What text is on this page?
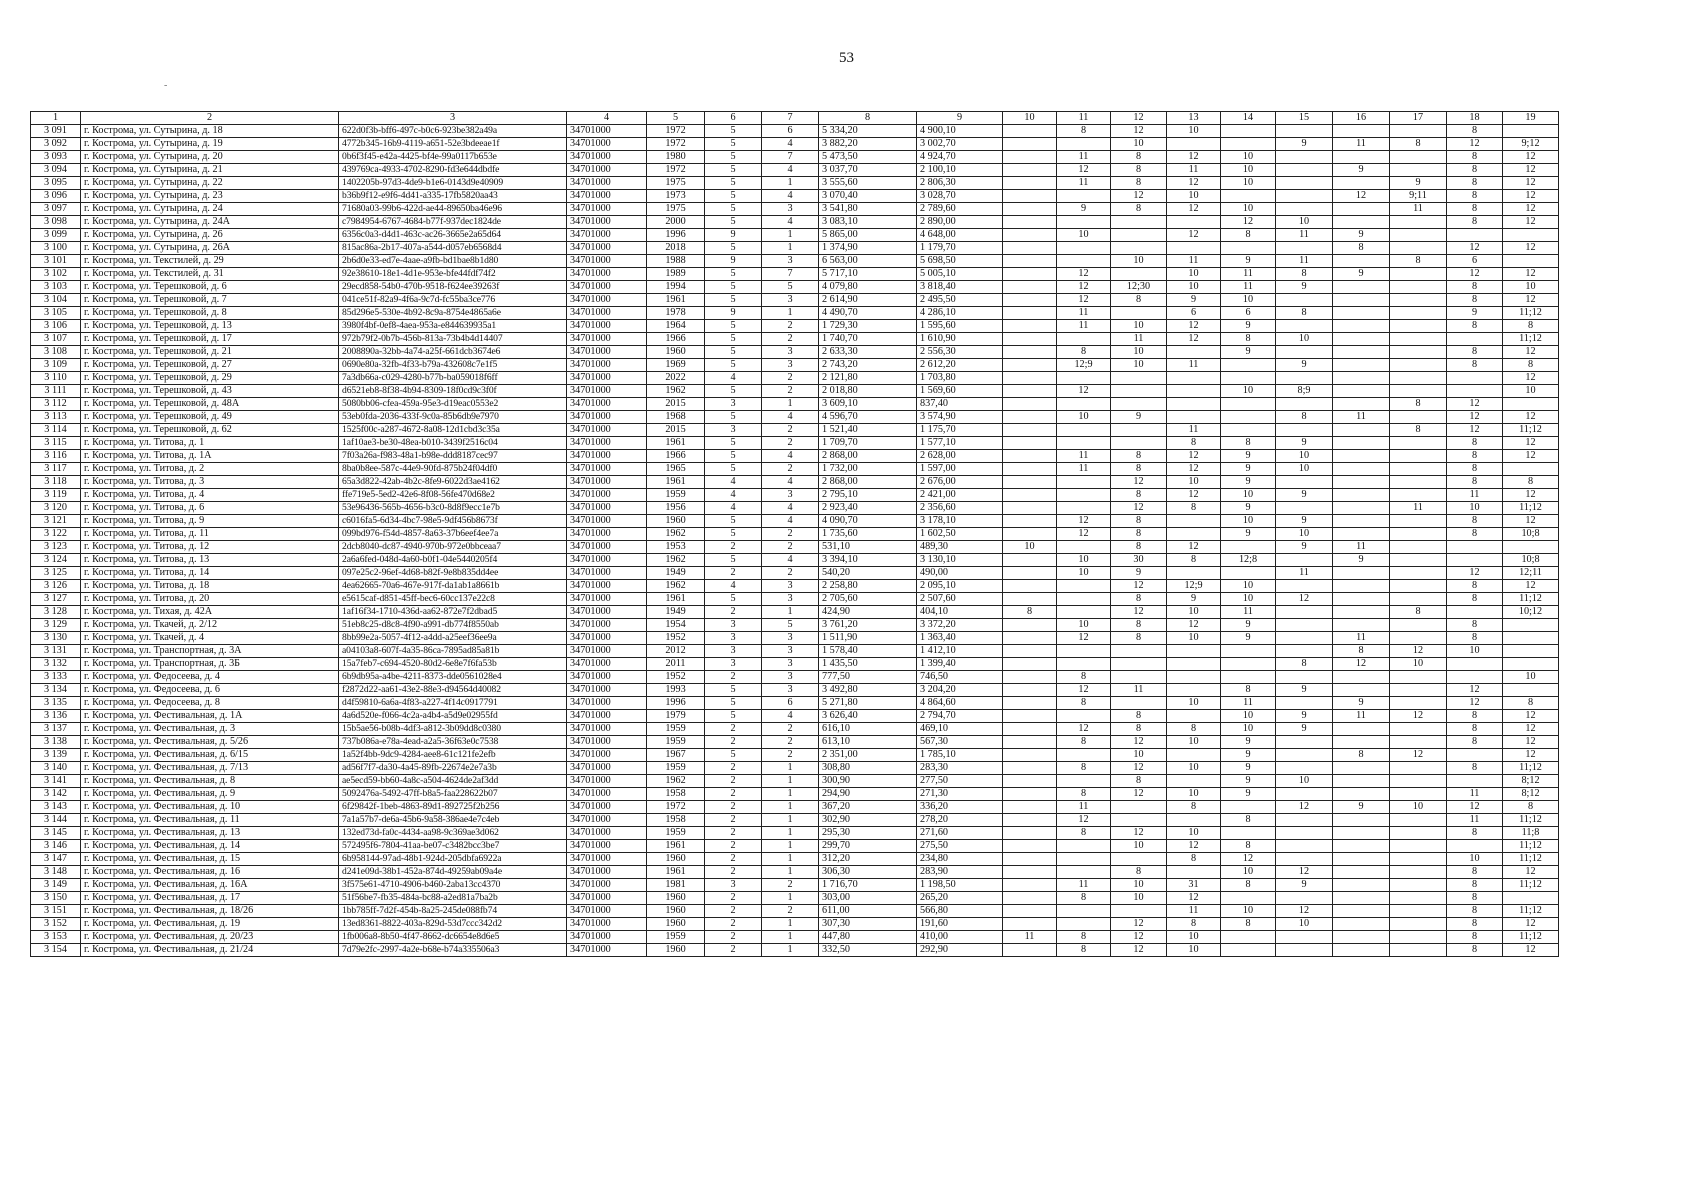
53
-
1	2	3	4	5	6	7	8	9	10	11	12	13	14	15	16	17	18	19
3 091	г. Кострома, ул. Сутырина, д. 18	622d0f3b-bff6-497c-b0c6-923be382a49a	34701000	1972	5	6	5 334,20	4 900,10		8	12	10					8	
3 092	г. Кострома, ул. Сутырина, д. 19	4772b345-16b9-4119-a651-52e3bdeeae1f	34701000	1972	5	4	3 882,20	3 002,70			10			9	11	8	12	9;12
3 093	г. Кострома, ул. Сутырина, д. 20	0b6f3f45-e42a-4425-bf4e-99a0117b653e	34701000	1980	5	7	5 473,50	4 924,70		11	8	12	10				8	12
3 094	г. Кострома, ул. Сутырина, д. 21	439769ca-4933-4702-8290-fd3e644dbdfe	34701000	1972	5	4	3 037,70	2 100,10		12	8	11	10		9		8	12
3 095	г. Кострома, ул. Сутырина, д. 22	1402205b-97d3-4de9-b1e6-0143d9e40909	34701000	1975	5	1	3 555,60	2 806,30		11	8	12	10			9	8	12
3 096	г. Кострома, ул. Сутырина, д. 23	b36b9f12-e9f6-4d41-a335-17fb5820aa43	34701000	1973	5	4	3 070,40	3 028,70			12	10			12	9;11	8	12
3 097	г. Кострома, ул. Сутырина, д. 24	71680a03-99b6-422d-ae44-89650ba46e96	34701000	1975	5	3	3 541,80	2 789,60		9	8	12	10			11	8	12
3 098	г. Кострома, ул. Сутырина, д. 24А	c7984954-6767-4684-b77f-937dec1824de	34701000	2000	5	4	3 083,10	2 890,00					12	10			8	12
3 099	г. Кострома, ул. Сутырина, д. 26	6356c0a3-d4d1-463c-ac26-3665e2a65d64	34701000	1996	9	1	5 865,00	4 648,00		10		12	8	11	9			
3 100	г. Кострома, ул. Сутырина, д. 26А	815ac86a-2b17-407a-a544-d057eb6568d4	34701000	2018	5	1	1 374,90	1 179,70							8		12	12
3 101	г. Кострома, ул. Текстилей, д. 29	2b6d0e33-ed7e-4aae-a9fb-bd1bae8b1d80	34701000	1988	9	3	6 563,00	5 698,50			10	11	9	11		8	6	
3 102	г. Кострома, ул. Текстилей, д. 31	92e38610-18e1-4d1e-953e-bfe44fdf74f2	34701000	1989	5	7	5 717,10	5 005,10		12		10	11	8	9		12	12
3 103	г. Кострома, ул. Терешковой, д. 6	29ecd858-54b0-470b-9518-f624ee39263f	34701000	1994	5	5	4 079,80	3 818,40		12	12;30	10	11	9			8	10
3 104	г. Кострома, ул. Терешковой, д. 7	041ce51f-82a9-4f6a-9c7d-fc55ba3ce776	34701000	1961	5	3	2 614,90	2 495,50		12	8	9	10				8	12
3 105	г. Кострома, ул. Терешковой, д. 8	85d296e5-530e-4b92-8c9a-8754e4865a6e	34701000	1978	9	1	4 490,70	4 286,10		11		6	6	8			9	11;12
3 106	г. Кострома, ул. Терешковой, д. 13	3980f4bf-0ef8-4aea-953a-e844639935a1	34701000	1964	5	2	1 729,30	1 595,60		11	10	12	9				8	8
3 107	г. Кострома, ул. Терешковой, д. 17	972b79f2-0b7b-456b-813a-73b4b4d14407	34701000	1966	5	2	1 740,70	1 610,90			11	12	8	10				11;12
3 108	г. Кострома, ул. Терешковой, д. 21	2008890a-32bb-4a74-a25f-661dcb3674e6	34701000	1960	5	3	2 633,30	2 556,30		8	10		9				8	12
3 109	г. Кострома, ул. Терешковой, д. 27	0690e80a-32fb-4f33-b79a-432608c7e1f5	34701000	1969	5	3	2 743,20	2 612,20		12;9	10	11		9			8	8
3 110	г. Кострома, ул. Терешковой, д. 29	7a3db66a-c029-4280-b77b-ba059018f6ff	34701000	2022	4	2	2 121,80	1 703,80										12
3 111	г. Кострома, ул. Терешковой, д. 43	d6521eb8-8f38-4b94-8309-18f0cd9c3f0f	34701000	1962	5	2	2 018,80	1 569,60		12			10	8;9				10
3 112	г. Кострома, ул. Терешковой, д. 48А	5080bb06-cfea-459a-95e3-d19eac0553e2	34701000	2015	3	1	3 609,10	837,40								8	12	
3 113	г. Кострома, ул. Терешковой, д. 49	53eb0fda-2036-433f-9c0a-85b6db9e7970	34701000	1968	5	4	4 596,70	3 574,90		10	9			8	11		12	12
3 114	г. Кострома, ул. Терешковой, д. 62	1525f00c-a287-4672-8a08-12d1cbd3c35a	34701000	2015	3	2	1 521,40	1 175,70				11				8	12	11;12
3 115	г. Кострома, ул. Титова, д. 1	1af10ae3-be30-48ea-b010-3439f2516c04	34701000	1961	5	2	1 709,70	1 577,10				8	8	9			8	12
3 116	г. Кострома, ул. Титова, д. 1А	7f03a26a-f983-48a1-b98e-ddd8187cec97	34701000	1966	5	4	2 868,00	2 628,00		11	8	12	9	10			8	12
3 117	г. Кострома, ул. Титова, д. 2	8ba0b8ee-587c-44e9-90fd-875b24f04df0	34701000	1965	5	2	1 732,00	1 597,00		11	8	12	9	10			8	
3 118	г. Кострома, ул. Титова, д. 3	65a3d822-42ab-4b2c-8fe9-6022d3ae4162	34701000	1961	4	4	2 868,00	2 676,00			12	10	9				8	8
3 119	г. Кострома, ул. Титова, д. 4	ffe719e5-5ed2-42e6-8f08-56fe470d68e2	34701000	1959	4	3	2 795,10	2 421,00			8	12	10	9			11	12
3 120	г. Кострома, ул. Титова, д. 6	53e96436-565b-4656-b3c0-8d8f9ecc1e7b	34701000	1956	4	4	2 923,40	2 356,60			12	8	9			11	10	11;12
3 121	г. Кострома, ул. Титова, д. 9	c6016fa5-6d34-4bc7-98e5-9df456b8673f	34701000	1960	5	4	4 090,70	3 178,10		12	8		10	9			8	12
3 122	г. Кострома, ул. Титова, д. 11	099bd976-f54d-4857-8a63-37b6eef4ee7a	34701000	1962	5	2	1 735,60	1 602,50		12	8		9	10			8	10;8
3 123	г. Кострома, ул. Титова, д. 12	2dcb8040-dc87-4940-970b-972e0bbceaa7	34701000	1953	2	2	531,10	489,30	10		8	12		9	11			
3 124	г. Кострома, ул. Титова, д. 13	2a6a6fed-048d-4a60-b0f1-04e5440205f4	34701000	1962	5	4	3 394,10	3 130,10		10	30	8	12;8		9			10;8
3 125	г. Кострома, ул. Титова, д. 14	097e25c2-96ef-4d68-b82f-9e8b835dd4ee	34701000	1949	2	2	540,20	490,00		10	9			11			12	12;11
3 126	г. Кострома, ул. Титова, д. 18	4ea62665-70a6-467e-917f-da1ab1a8661b	34701000	1962	4	3	2 258,80	2 095,10			12	12;9	10				8	12
3 127	г. Кострома, ул. Титова, д. 20	e5615caf-d851-45ff-bec6-60cc137e22c8	34701000	1961	5	3	2 705,60	2 507,60			8	9	10	12			8	11;12
3 128	г. Кострома, ул. Тихая, д. 42А	1af16f34-1710-436d-aa62-872e7f2dbad5	34701000	1949	2	1	424,90	404,10	8		12	10	11			8		10;12
3 129	г. Кострома, ул. Ткачей, д. 2/12	51eb8c25-d8c8-4f90-a991-db774f8550ab	34701000	1954	3	5	3 761,20	3 372,20		10	8	12	9				8	
3 130	г. Кострома, ул. Ткачей, д. 4	8bb99e2a-5057-4f12-a4dd-a25eef36ee9a	34701000	1952	3	3	1 511,90	1 363,40		12	8	10	9		11		8	
3 131	г. Кострома, ул. Транспортная, д. 3А	a04103a8-607f-4a35-86ca-7895ad85a81b	34701000	2012	3	3	1 578,40	1 412,10							8	12	10	
3 132	г. Кострома, ул. Транспортная, д. 3Б	15a7feb7-c694-4520-80d2-6e8e7f6fa53b	34701000	2011	3	3	1 435,50	1 399,40						8	12	10		
3 133	г. Кострома, ул. Федосеева, д. 4	6b9db95a-a4be-4211-8373-dde0561028e4	34701000	1952	2	3	777,50	746,50		8								10
3 134	г. Кострома, ул. Федосеева, д. 6	f2872d22-aa61-43e2-88e3-d94564d40082	34701000	1993	5	3	3 492,80	3 204,20		12	11		8	9			12	
3 135	г. Кострома, ул. Федосеева, д. 8	d4f59810-6a6a-4f83-a227-4f14c0917791	34701000	1996	5	6	5 271,80	4 864,60		8		10	11		9		12	8
3 136	г. Кострома, ул. Фестивальная, д. 1А	4a6d520e-f066-4c2a-a4b4-a5d9e02955fd	34701000	1979	5	4	3 626,40	2 794,70			8		10	9	11	12	8	12
3 137	г. Кострома, ул. Фестивальная, д. 3	15b5ae56-b08b-4df3-a812-3b09dd8c0380	34701000	1959	2	2	616,10	469,10		12	8	8	10	9			8	12
3 138	г. Кострома, ул. Фестивальная, д. 5/26	737b086a-e78a-4ead-a2a5-36f63e0c7538	34701000	1959	2	2	613,10	567,30		8	12	10	9				8	12
3 139	г. Кострома, ул. Фестивальная, д. 6/15	1a52f4bb-9dc9-4284-aee8-61c121fe2efb	34701000	1967	5	2	2 351,00	1 785,10			10		9		8	12		12
3 140	г. Кострома, ул. Фестивальная, д. 7/13	ad56f7f7-da30-4a45-89fb-22674e2e7a3b	34701000	1959	2	1	308,80	283,30		8	12	10	9				8	11;12
3 141	г. Кострома, ул. Фестивальная, д. 8	ae5ecd59-bb60-4a8c-a504-4624de2af3dd	34701000	1962	2	1	300,90	277,50			8		9	10				8;12
3 142	г. Кострома, ул. Фестивальная, д. 9	5092476a-5492-47ff-b8a5-faa228622b07	34701000	1958	2	1	294,90	271,30		8	12	10	9				11	8;12
3 143	г. Кострома, ул. Фестивальная, д. 10	6f29842f-1beb-4863-89d1-892725f2b256	34701000	1972	2	1	367,20	336,20		11		8		12	9	10	12	8
3 144	г. Кострома, ул. Фестивальная, д. 11	7a1a57b7-de6a-45b6-9a58-386ae4e7c4eb	34701000	1958	2	1	302,90	278,20		12			8				11	11;12
3 145	г. Кострома, ул. Фестивальная, д. 13	132ed73d-fa0c-4434-aa98-9c369ae3d062	34701000	1959	2	1	295,30	271,60		8	12	10					8	11;8
3 146	г. Кострома, ул. Фестивальная, д. 14	572495f6-7804-41aa-be07-c3482bcc3be7	34701000	1961	2	1	299,70	275,50			10	12	8					11;12
3 147	г. Кострома, ул. Фестивальная, д. 15	6b958144-97ad-48b1-924d-205dbfa6922a	34701000	1960	2	1	312,20	234,80				8	12				10	11;12
3 148	г. Кострома, ул. Фестивальная, д. 16	d241e09d-38b1-452a-874d-49259ab09a4e	34701000	1961	2	1	306,30	283,90			8		10	12			8	12
3 149	г. Кострома, ул. Фестивальная, д. 16А	3f575e61-4710-4906-b460-2aba13cc4370	34701000	1981	3	2	1 716,70	1 198,50		11	10	31	8	9			8	11;12
3 150	г. Кострома, ул. Фестивальная, д. 17	51f56be7-fb35-484a-bc88-a2ed81a7ba2b	34701000	1960	2	1	303,00	265,20		8	10	12					8	
3 151	г. Кострома, ул. Фестивальная, д. 18/26	1bb785ff-7d2f-454b-8a25-245de088fb74	34701000	1960	2	2	611,00	566,80				11	10	12			8	11;12
3 152	г. Кострома, ул. Фестивальная, д. 19	13ed8361-8822-403a-829d-53d7ccc342d2	34701000	1960	2	1	307,30	191,60			12	8	8	10			8	12
3 153	г. Кострома, ул. Фестивальная, д. 20/23	1fb006a8-8b50-4f47-8662-dc6654e8d6e5	34701000	1959	2	1	447,80	410,00	11	8	12	10					8	11;12
3 154	г. Кострома, ул. Фестивальная, д. 21/24	7d79e2fc-2997-4a2e-b68e-b74a335506a3	34701000	1960	2	1	332,50	292,90		8	12	10					8	12
